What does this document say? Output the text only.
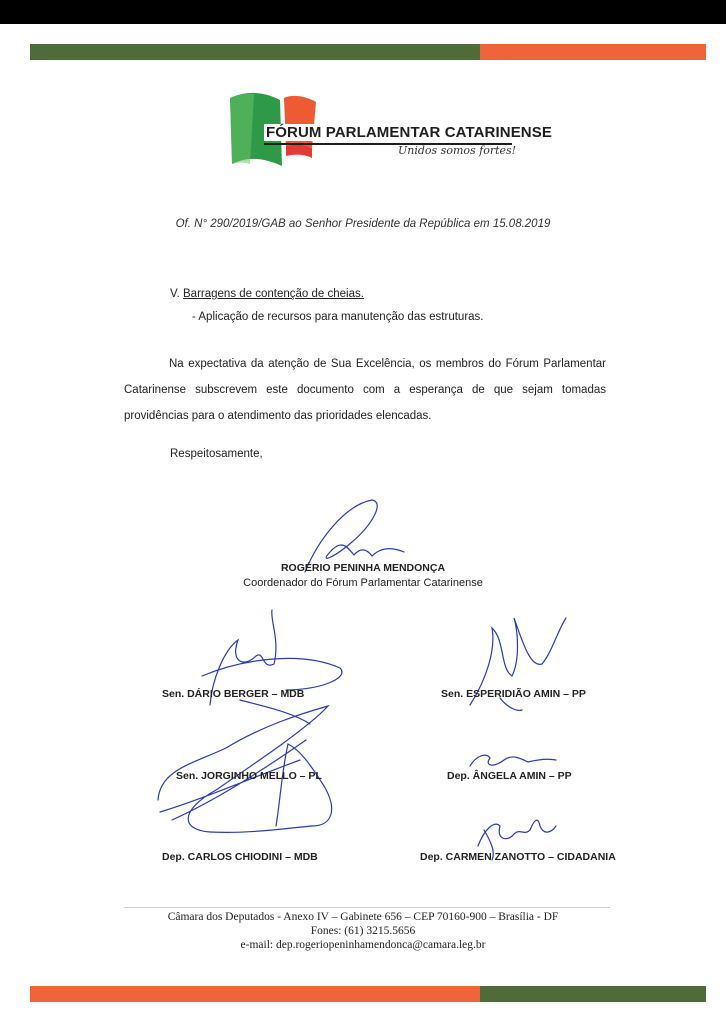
FÓRUM PARLAMENTAR CATARINENSE
Unidos somos fortes!
Of. N° 290/2019/GAB ao Senhor Presidente da República em 15.08.2019
V. Barragens de contenção de cheias.
- Aplicação de recursos para manutenção das estruturas.
Na expectativa da atenção de Sua Excelência, os membros do Fórum Parlamentar Catarinense subscrevem este documento com a esperança de que sejam tomadas providências para o atendimento das prioridades elencadas.
Respeitosamente,
ROGÉRIO PENINHA MENDONÇA
Coordenador do Fórum Parlamentar Catarinense
Sen. DÁRIO BERGER – MDB	Sen. ESPERIDIÃO AMIN – PP
Sen. JORGINHO MELLO – PL	Dep. ÂNGELA AMIN – PP
Dep. CARLOS CHIODINI – MDB	Dep. CARMEN ZANOTTO – CIDADANIA
Câmara dos Deputados - Anexo IV – Gabinete 656 – CEP 70160-900 – Brasília - DF
Fones: (61) 3215.5656
e-mail: dep.rogeriopeninhamendonca@camara.leg.br
